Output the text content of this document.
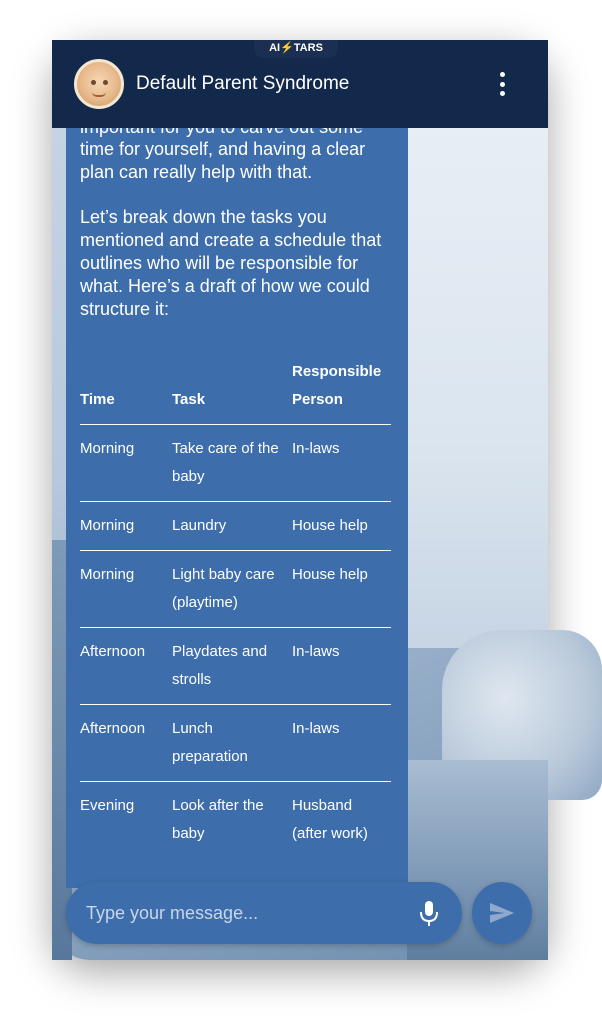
time for yourself, and having a clear plan can really help with that.
Let’s break down the tasks you mentioned and create a schedule that outlines who will be responsible for what. Here’s a draft of how we could structure it:
Time	Task	Responsible Person
Morning	Take care of the baby	In-laws
Morning	Laundry	House help
Morning	Light baby care (playtime)	House help
Afternoon	Playdates and strolls	In-laws
Afternoon	Lunch preparation	In-laws
Evening	Look after the baby	Husband (after work)
Default Parent Syndrome
AI⚡TARS
Type your message...
